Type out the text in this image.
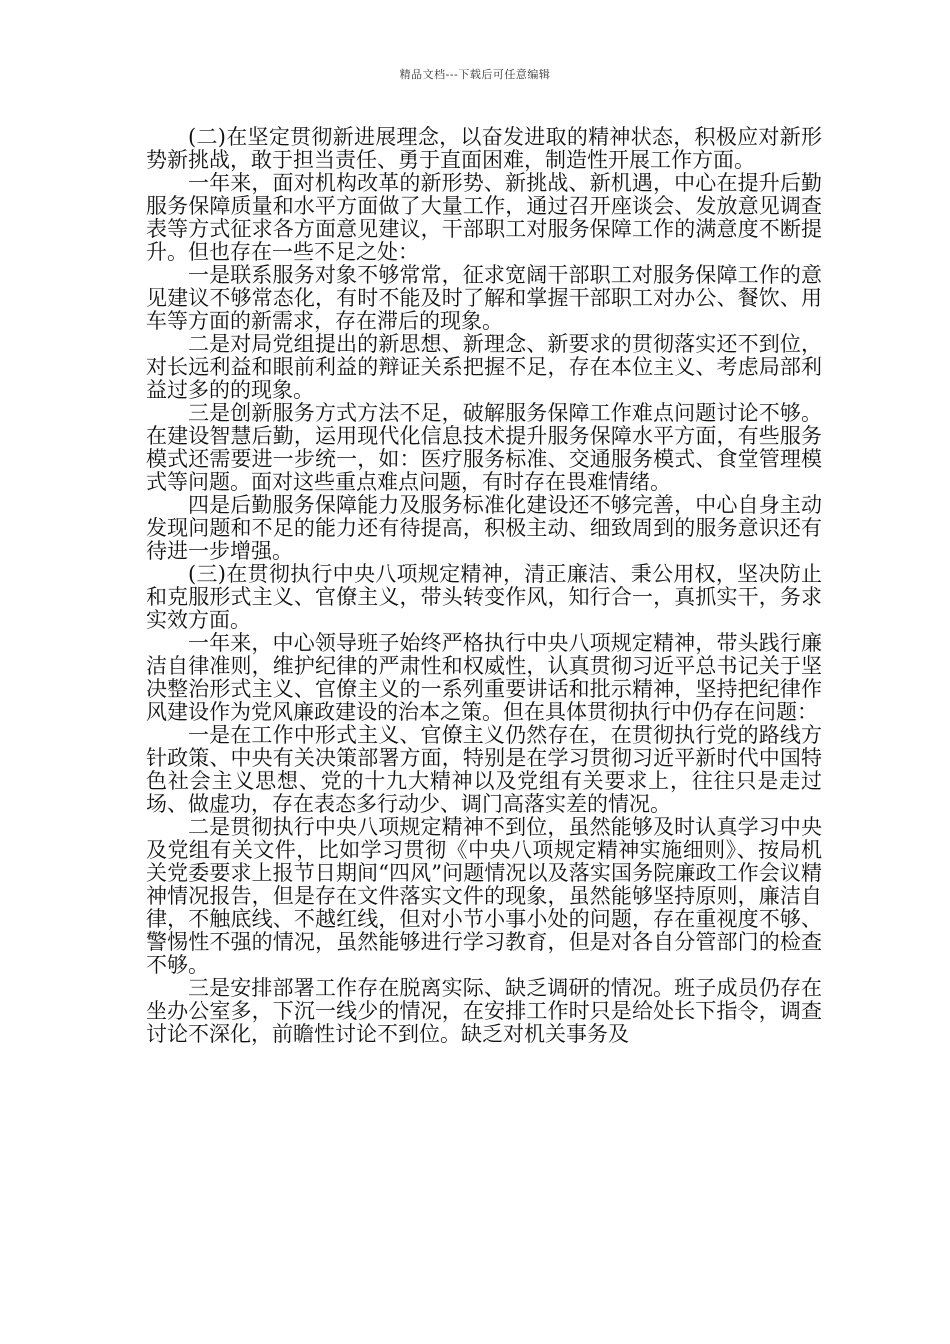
精品文档---下载后可任意编辑

(二)在坚定贯彻新进展理念，以奋发进取的精神状态，积极应对新形势新挑战，敢于担当责任、勇于直面困难，制造性开展工作方面。

一年来，面对机构改革的新形势、新挑战、新机遇，中心在提升后勤服务保障质量和水平方面做了大量工作，通过召开座谈会、发放意见调查表等方式征求各方面意见建议，干部职工对服务保障工作的满意度不断提升。但也存在一些不足之处：

一是联系服务对象不够常常，征求宽阔干部职工对服务保障工作的意见建议不够常态化，有时不能及时了解和掌握干部职工对办公、餐饮、用车等方面的新需求，存在滞后的现象。

二是对局党组提出的新思想、新理念、新要求的贯彻落实还不到位，对长远利益和眼前利益的辩证关系把握不足，存在本位主义、考虑局部利益过多的的现象。

三是创新服务方式方法不足，破解服务保障工作难点问题讨论不够。在建设智慧后勤，运用现代化信息技术提升服务保障水平方面，有些服务模式还需要进一步统一，如：医疗服务标准、交通服务模式、食堂管理模式等问题。面对这些重点难点问题，有时存在畏难情绪。

四是后勤服务保障能力及服务标准化建设还不够完善，中心自身主动发现问题和不足的能力还有待提高，积极主动、细致周到的服务意识还有待进一步增强。

(三)在贯彻执行中央八项规定精神，清正廉洁、秉公用权，坚决防止和克服形式主义、官僚主义，带头转变作风，知行合一，真抓实干，务求实效方面。

一年来，中心领导班子始终严格执行中央八项规定精神，带头践行廉洁自律准则，维护纪律的严肃性和权威性，认真贯彻习近平总书记关于坚决整治形式主义、官僚主义的一系列重要讲话和批示精神，坚持把纪律作风建设作为党风廉政建设的治本之策。但在具体贯彻执行中仍存在问题：

一是在工作中形式主义、官僚主义仍然存在，在贯彻执行党的路线方针政策、中央有关决策部署方面，特别是在学习贯彻习近平新时代中国特色社会主义思想、党的十九大精神以及党组有关要求上，往往只是走过场、做虚功，存在表态多行动少、调门高落实差的情况。

二是贯彻执行中央八项规定精神不到位，虽然能够及时认真学习中央及党组有关文件，比如学习贯彻《中央八项规定精神实施细则》、按局机关党委要求上报节日期间“四风”问题情况以及落实国务院廉政工作会议精神情况报告，但是存在文件落实文件的现象，虽然能够坚持原则，廉洁自律，不触底线、不越红线，但对小节小事小处的问题，存在重视度不够、警惕性不强的情况，虽然能够进行学习教育，但是对各自分管部门的检查不够。

三是安排部署工作存在脱离实际、缺乏调研的情况。班子成员仍存在坐办公室多，下沉一线少的情况，在安排工作时只是给处长下指令，调查讨论不深化，前瞻性讨论不到位。缺乏对机关事务及
